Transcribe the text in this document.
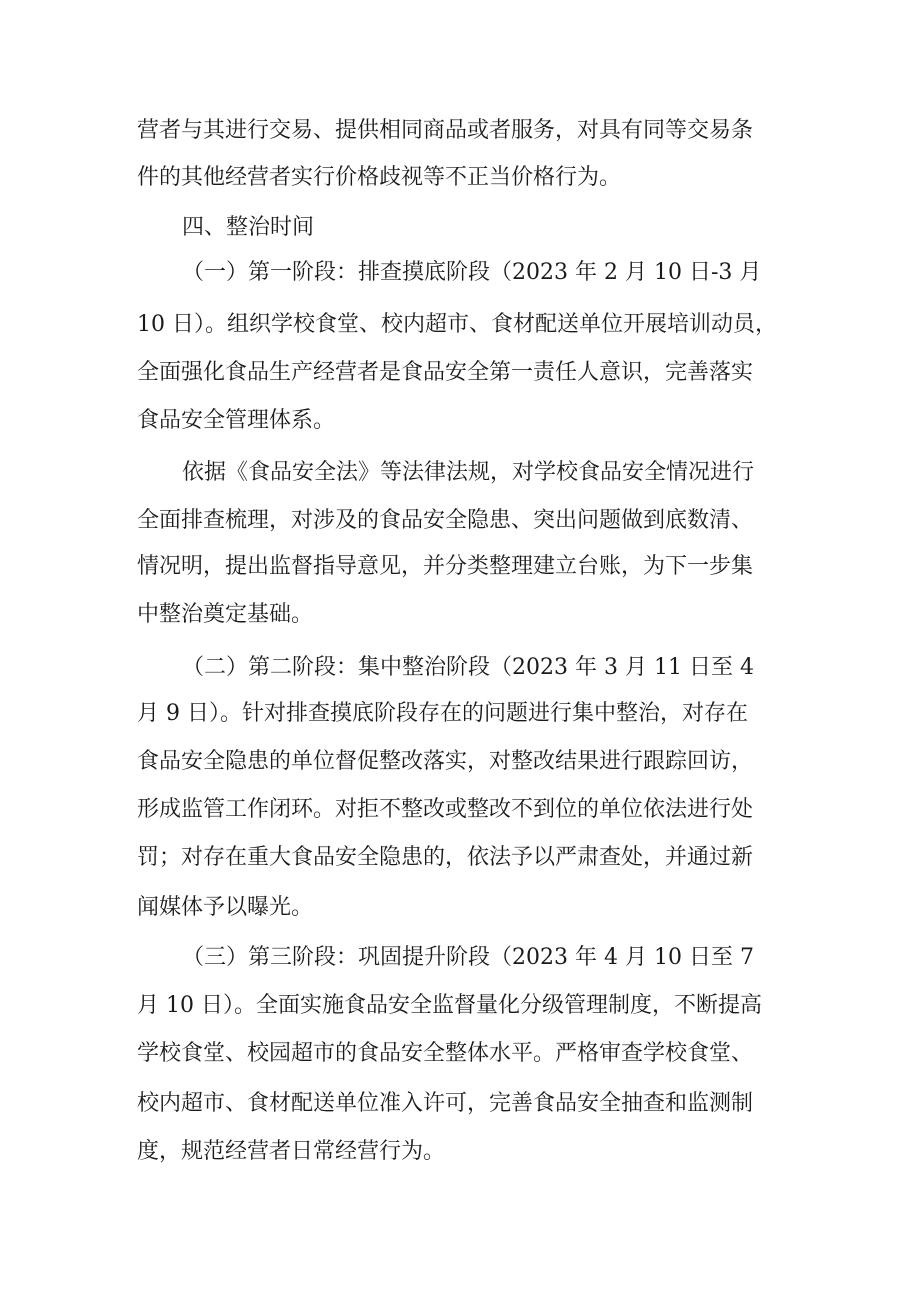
营者与其进行交易、提供相同商品或者服务，对具有同等交易条

件的其他经营者实行价格歧视等不正当价格行为。

四、整治时间

（一）第一阶段：排查摸底阶段（2023 年 2 月 10 日-3 月

10 日）。组织学校食堂、校内超市、食材配送单位开展培训动员，

全面强化食品生产经营者是食品安全第一责任人意识，完善落实

食品安全管理体系。

依据《食品安全法》等法律法规，对学校食品安全情况进行

全面排查梳理，对涉及的食品安全隐患、突出问题做到底数清、

情况明，提出监督指导意见，并分类整理建立台账，为下一步集

中整治奠定基础。

（二）第二阶段：集中整治阶段（2023 年 3 月 11 日至 4

月 9 日）。针对排查摸底阶段存在的问题进行集中整治，对存在

食品安全隐患的单位督促整改落实，对整改结果进行跟踪回访，

形成监管工作闭环。对拒不整改或整改不到位的单位依法进行处

罚；对存在重大食品安全隐患的，依法予以严肃查处，并通过新

闻媒体予以曝光。

（三）第三阶段：巩固提升阶段（2023 年 4 月 10 日至 7

月 10 日）。全面实施食品安全监督量化分级管理制度，不断提高

学校食堂、校园超市的食品安全整体水平。严格审查学校食堂、

校内超市、食材配送单位准入许可，完善食品安全抽查和监测制

度，规范经营者日常经营行为。
